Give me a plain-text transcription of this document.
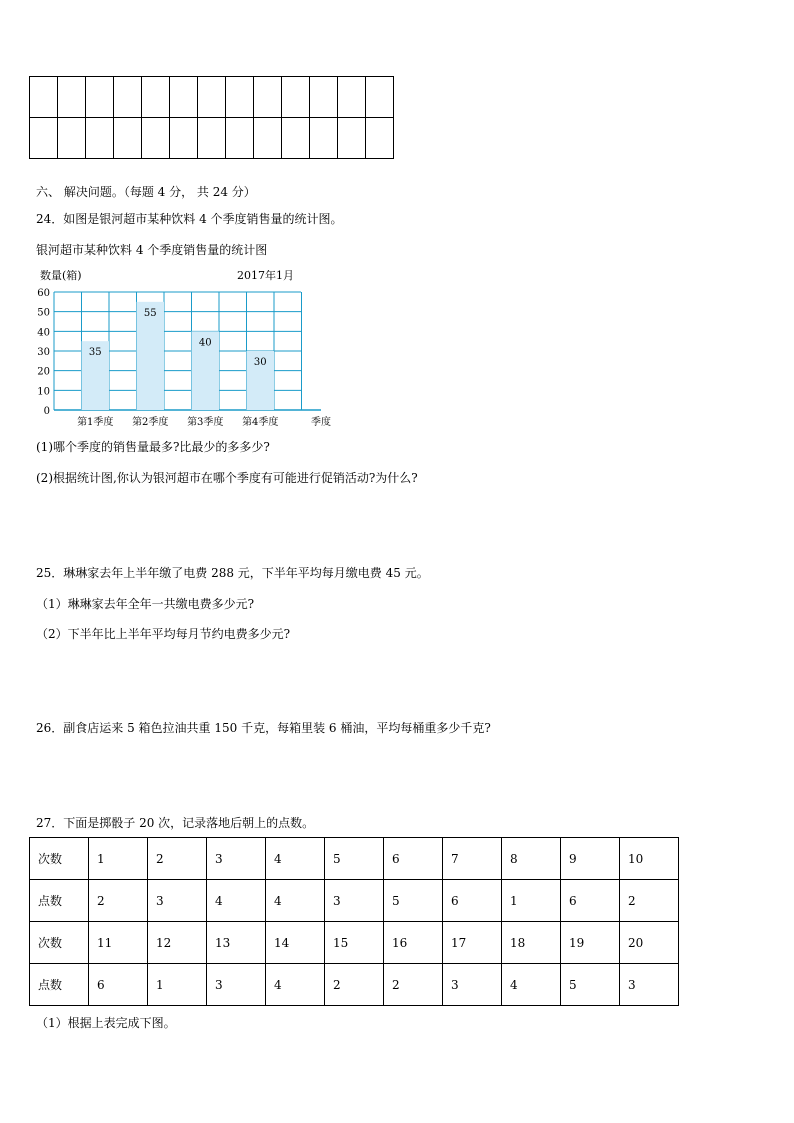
六、 解决问题。（每题 4 分， 共 24 分）
24．如图是银河超市某种饮料 4 个季度销售量的统计图。
银河超市某种饮料 4 个季度销售量的统计图
数量(箱)	2017年1月
35
55
40
30
0
10
20
30
40
50
60
第1季度 第2季度 第3季度 第4季度	季度
(1)哪个季度的销售量最多?比最少的多多少?
(2)根据统计图,你认为银河超市在哪个季度有可能进行促销活动?为什么?
25．琳琳家去年上半年缴了电费 288 元，下半年平均每月缴电费 45 元。
（1）琳琳家去年全年一共缴电费多少元?
（2）下半年比上半年平均每月节约电费多少元?
26．副食店运来 5 箱色拉油共重 150 千克，每箱里装 6 桶油，平均每桶重多少千克?
27．下面是掷骰子 20 次，记录落地后朝上的点数。
次数	1	2	3	4	5	6	7	8	9	10
点数	2	3	4	4	3	5	6	1	6	2
次数	11	12	13	14	15	16	17	18	19	20
点数	6	1	3	4	2	2	3	4	5	3
（1）根据上表完成下图。
